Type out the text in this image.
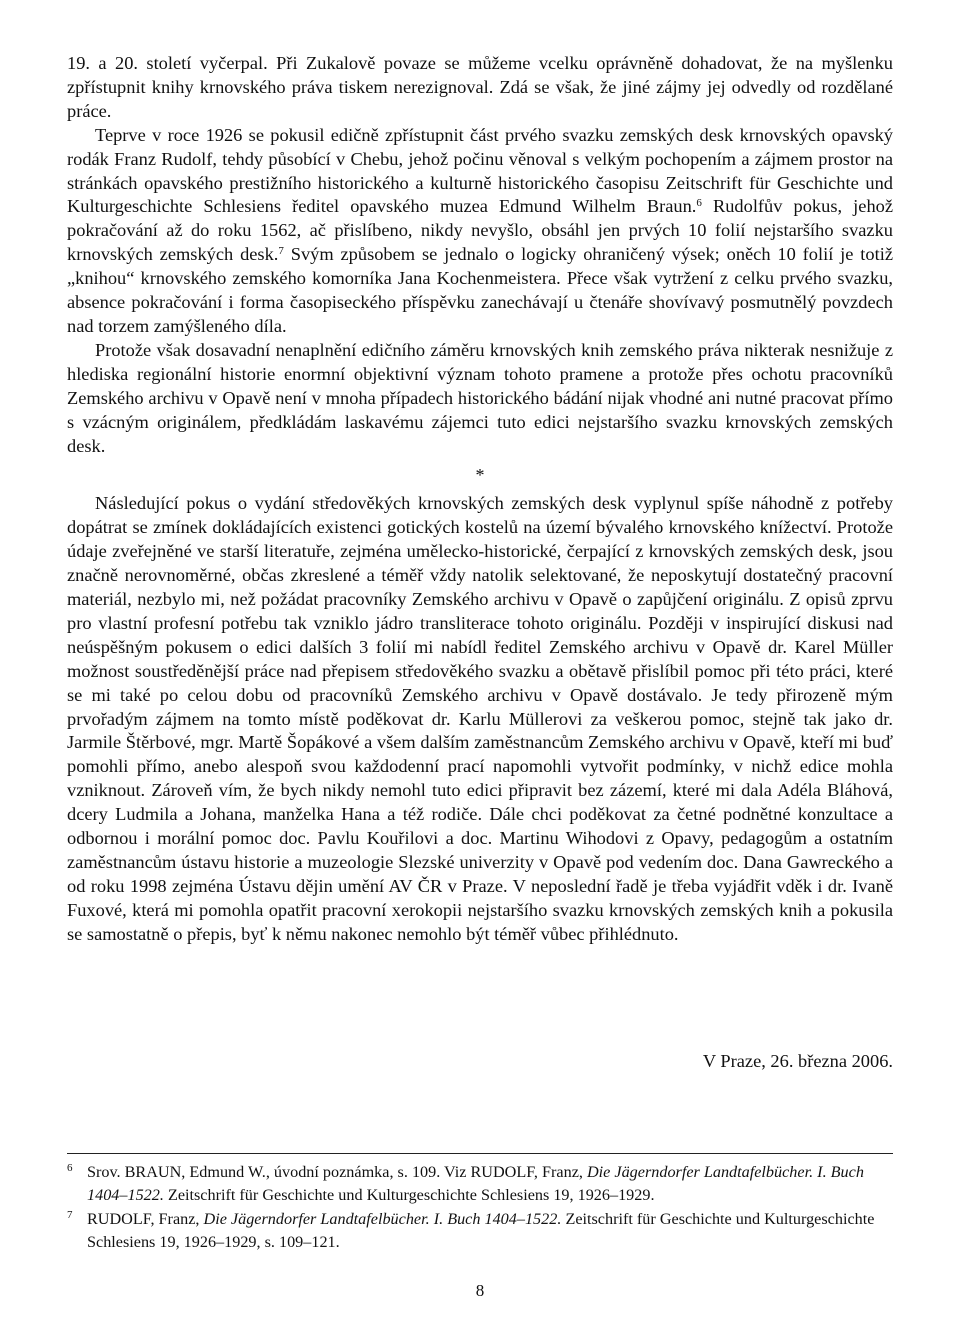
19. a 20. století vyčerpal. Při Zukalově povaze se můžeme vcelku oprávněně dohadovat, že na myšlenku zpřístupnit knihy krnovského práva tiskem nerezignoval. Zdá se však, že jiné zájmy jej odvedly od rozdělané práce.

Teprve v roce 1926 se pokusil edičně zpřístupnit část prvého svazku zemských desk krnovských opavský rodák Franz Rudolf, tehdy působící v Chebu, jehož počinu věnoval s velkým pochopením a zájmem prostor na stránkách opavského prestižního historického a kulturně historického časopisu Zeitschrift für Geschichte und Kulturgeschichte Schlesiens ředitel opavského muzea Edmund Wilhelm Braun.$^6$ Rudolfův pokus, jehož pokračování až do roku 1562, ač přislíbeno, nikdy nevyšlo, obsáhl jen prvých 10 folií nejstaršího svazku krnovských zemských desk.$^7$ Svým způsobem se jednalo o logicky ohraničený výsek; oněch 10 folií je totiž „knihou“ krnovského zemského komorníka Jana Kochenmeistera. Přece však vytržení z celku prvého svazku, absence pokračování i forma časopiseckého příspěvku zanechávají u čtenáře shovívavý posmutnělý povzdech nad torzem zamýšleného díla.

Protože však dosavadní nenaplnění edičního záměru krnovských knih zemského práva nikterak nesnižuje z hlediska regionální historie enormní objektivní význam tohoto pramene a protože přes ochotu pracovníků Zemského archivu v Opavě není v mnoha případech historického bádání nijak vhodné ani nutné pracovat přímo s vzácným originálem, předkládám laskavému zájemci tuto edici nejstaršího svazku krnovských zemských desk.

*

Následující pokus o vydání středověkých krnovských zemských desk vyplynul spíše náhodně z potřeby dopátrat se zmínek dokládajících existenci gotických kostelů na území bývalého krnovského knížectví. Protože údaje zveřejněné ve starší literatuře, zejména umělecko-historické, čerpající z krnovských zemských desk, jsou značně nerovnoměrné, občas zkreslené a téměř vždy natolik selektované, že neposkytují dostatečný pracovní materiál, nezbylo mi, než požádat pracovníky Zemského archivu v Opavě o zapůjčení originálu. Z opisů zprvu pro vlastní profesní potřebu tak vzniklo jádro transliterace tohoto originálu. Později v inspirující diskusi nad neúspěšným pokusem o edici dalších 3 folií mi nabídl ředitel Zemského archivu v Opavě dr. Karel Müller možnost soustředěnější práce nad přepisem středověkého svazku a obětavě přislíbil pomoc při této práci, které se mi také po celou dobu od pracovníků Zemského archivu v Opavě dostávalo. Je tedy přirozeně mým prvořadým zájmem na tomto místě poděkovat dr. Karlu Müllerovi za veškerou pomoc, stejně tak jako dr. Jarmile Štěrbové, mgr. Martě Šopákové a všem dalším zaměstnancům Zemského archivu v Opavě, kteří mi buď pomohli přímo, anebo alespoň svou každodenní prací napomohli vytvořit podmínky, v nichž edice mohla vzniknout. Zároveň vím, že bych nikdy nemohl tuto edici připravit bez zázemí, které mi dala Adéla Bláhová, dcery Ludmila a Johana, manželka Hana a též rodiče. Dále chci poděkovat za četné podnětné konzultace a odbornou i morální pomoc doc. Pavlu Kouřilovi a doc. Martinu Wihodovi z Opavy, pedagogům a ostatním zaměstnancům ústavu historie a muzeologie Slezské univerzity v Opavě pod vedením doc. Dana Gawreckého a od roku 1998 zejména Ústavu dějin umění AV ČR v Praze. V neposlední řadě je třeba vyjádřit vděk i dr. Ivaně Fuxové, která mi pomohla opatřit pracovní xerokopii nejstaršího svazku krnovských zemských knih a pokusila se samostatně o přepis, byť k němu nakonec nemohlo být téměř vůbec přihlédnuto.

V Praze, 26. března 2006.
6 Srov. BRAUN, Edmund W., úvodní poznámka, s. 109. Viz RUDOLF, Franz, Die Jägerndorfer Landtafelbücher. I. Buch 1404–1522. Zeitschrift für Geschichte und Kulturgeschichte Schlesiens 19, 1926–1929.
7 RUDOLF, Franz, Die Jägerndorfer Landtafelbücher. I. Buch 1404–1522. Zeitschrift für Geschichte und Kulturgeschichte Schlesiens 19, 1926–1929, s. 109–121.
8
